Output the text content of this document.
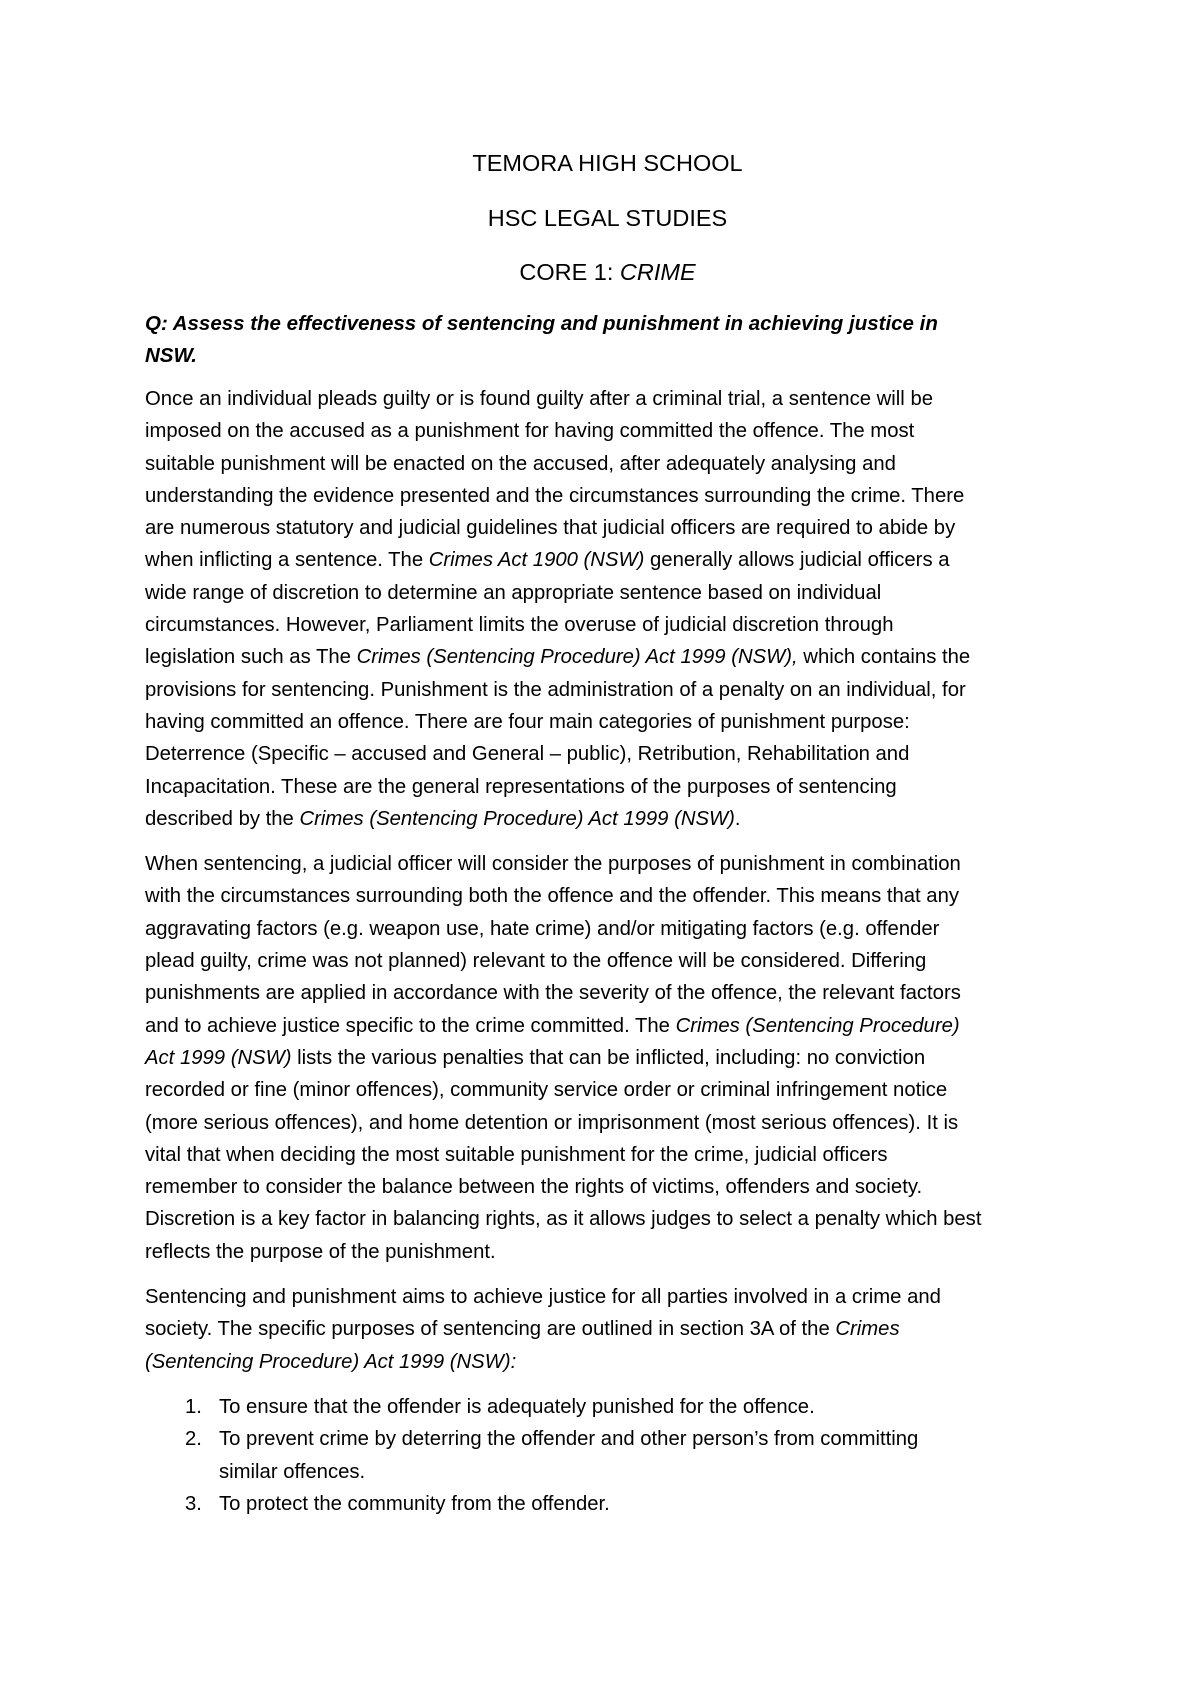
TEMORA HIGH SCHOOL

HSC LEGAL STUDIES

CORE 1: CRIME

Q: Assess the effectiveness of sentencing and punishment in achieving justice in
NSW.

Once an individual pleads guilty or is found guilty after a criminal trial, a sentence will be
imposed on the accused as a punishment for having committed the offence. The most
suitable punishment will be enacted on the accused, after adequately analysing and
understanding the evidence presented and the circumstances surrounding the crime. There
are numerous statutory and judicial guidelines that judicial officers are required to abide by
when inflicting a sentence. The Crimes Act 1900 (NSW) generally allows judicial officers a
wide range of discretion to determine an appropriate sentence based on individual
circumstances. However, Parliament limits the overuse of judicial discretion through
legislation such as The Crimes (Sentencing Procedure) Act 1999 (NSW), which contains the
provisions for sentencing. Punishment is the administration of a penalty on an individual, for
having committed an offence. There are four main categories of punishment purpose:
Deterrence (Specific – accused and General – public), Retribution, Rehabilitation and
Incapacitation. These are the general representations of the purposes of sentencing
described by the Crimes (Sentencing Procedure) Act 1999 (NSW).

When sentencing, a judicial officer will consider the purposes of punishment in combination
with the circumstances surrounding both the offence and the offender. This means that any
aggravating factors (e.g. weapon use, hate crime) and/or mitigating factors (e.g. offender
plead guilty, crime was not planned) relevant to the offence will be considered. Differing
punishments are applied in accordance with the severity of the offence, the relevant factors
and to achieve justice specific to the crime committed. The Crimes (Sentencing Procedure)
Act 1999 (NSW) lists the various penalties that can be inflicted, including: no conviction
recorded or fine (minor offences), community service order or criminal infringement notice
(more serious offences), and home detention or imprisonment (most serious offences). It is
vital that when deciding the most suitable punishment for the crime, judicial officers
remember to consider the balance between the rights of victims, offenders and society.
Discretion is a key factor in balancing rights, as it allows judges to select a penalty which best
reflects the purpose of the punishment.

Sentencing and punishment aims to achieve justice for all parties involved in a crime and
society. The specific purposes of sentencing are outlined in section 3A of the Crimes
(Sentencing Procedure) Act 1999 (NSW):

1. To ensure that the offender is adequately punished for the offence.
2. To prevent crime by deterring the offender and other person’s from committing
similar offences.
3. To protect the community from the offender.
